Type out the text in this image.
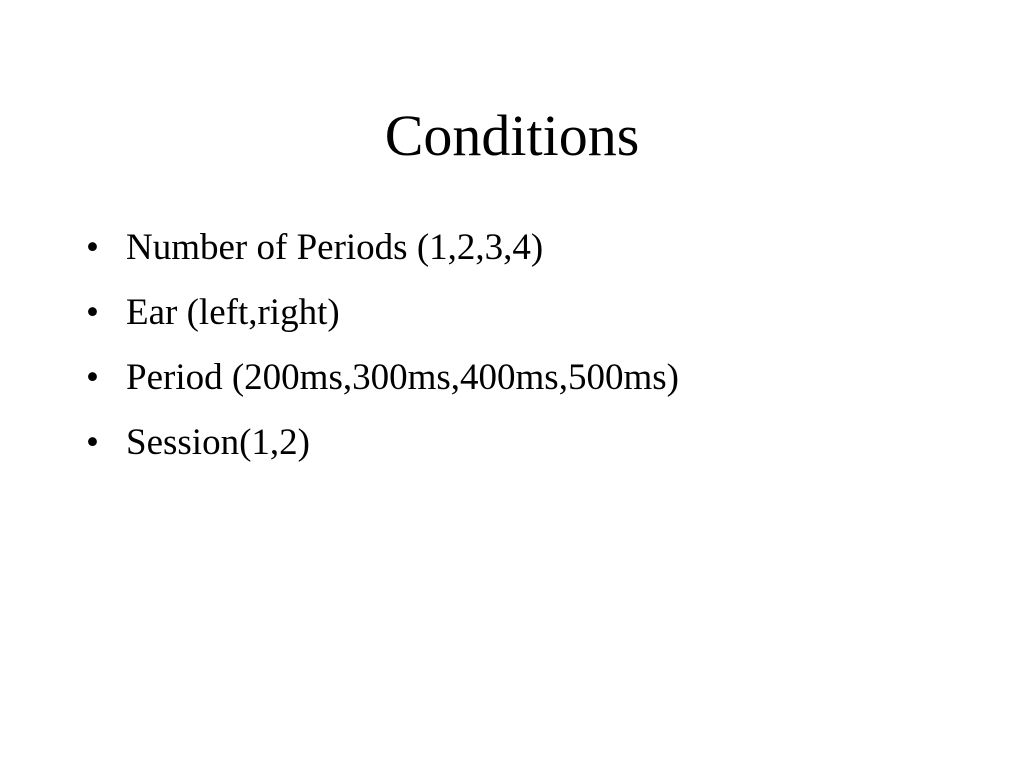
Conditions
• Number of Periods (1,2,3,4)
• Ear (left,right)
• Period (200ms,300ms,400ms,500ms)
• Session(1,2)
